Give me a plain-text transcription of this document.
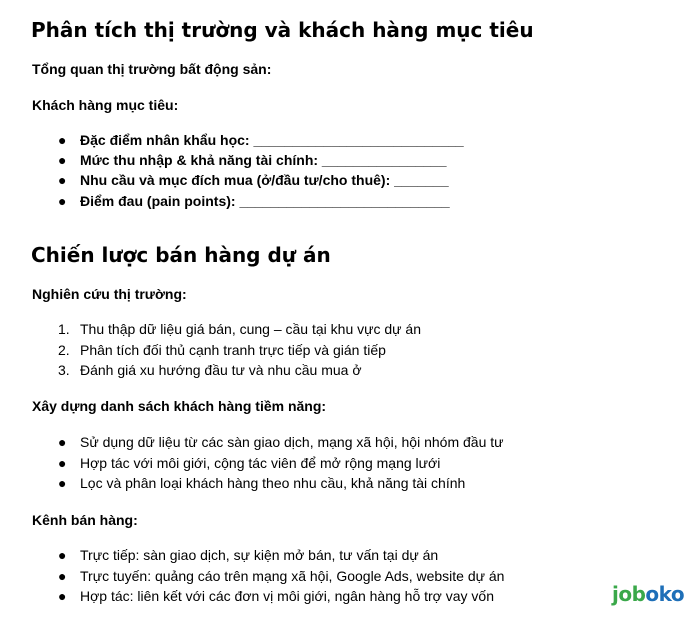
Phân tích thị trường và khách hàng mục tiêu
Tổng quan thị trường bất động sản:
Khách hàng mục tiêu:
● Đặc điểm nhân khẩu học: ___________________________
● Mức thu nhập & khả năng tài chính: ________________
● Nhu cầu và mục đích mua (ở/đầu tư/cho thuê): _______
● Điểm đau (pain points): ___________________________
Chiến lược bán hàng dự án
Nghiên cứu thị trường:
1. Thu thập dữ liệu giá bán, cung – cầu tại khu vực dự án
2. Phân tích đối thủ cạnh tranh trực tiếp và gián tiếp
3. Đánh giá xu hướng đầu tư và nhu cầu mua ở
Xây dựng danh sách khách hàng tiềm năng:
● Sử dụng dữ liệu từ các sàn giao dịch, mạng xã hội, hội nhóm đầu tư
● Hợp tác với môi giới, cộng tác viên để mở rộng mạng lưới
● Lọc và phân loại khách hàng theo nhu cầu, khả năng tài chính
Kênh bán hàng:
● Trực tiếp: sàn giao dịch, sự kiện mở bán, tư vấn tại dự án
● Trực tuyến: quảng cáo trên mạng xã hội, Google Ads, website dự án
● Hợp tác: liên kết với các đơn vị môi giới, ngân hàng hỗ trợ vay vốn	joboko
